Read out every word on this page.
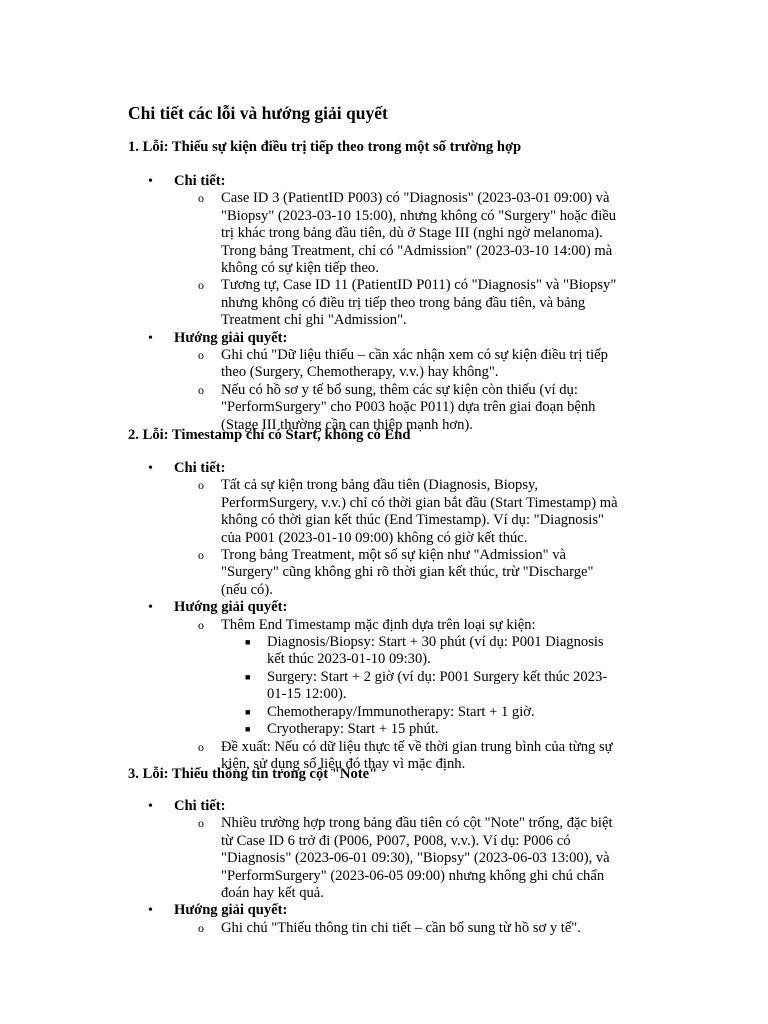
Chi tiết các lỗi và hướng giải quyết
1. Lỗi: Thiếu sự kiện điều trị tiếp theo trong một số trường hợp
• Chi tiết:
o Case ID 3 (PatientID P003) có "Diagnosis" (2023-03-01 09:00) và "Biopsy" (2023-03-10 15:00), nhưng không có "Surgery" hoặc điều trị khác trong bảng đầu tiên, dù ở Stage III (nghi ngờ melanoma). Trong bảng Treatment, chỉ có "Admission" (2023-03-10 14:00) mà không có sự kiện tiếp theo.
o Tương tự, Case ID 11 (PatientID P011) có "Diagnosis" và "Biopsy" nhưng không có điều trị tiếp theo trong bảng đầu tiên, và bảng Treatment chỉ ghi "Admission".
• Hướng giải quyết:
o Ghi chú "Dữ liệu thiếu – cần xác nhận xem có sự kiện điều trị tiếp theo (Surgery, Chemotherapy, v.v.) hay không".
o Nếu có hồ sơ y tế bổ sung, thêm các sự kiện còn thiếu (ví dụ: "PerformSurgery" cho P003 hoặc P011) dựa trên giai đoạn bệnh (Stage III thường cần can thiệp mạnh hơn).
2. Lỗi: Timestamp chỉ có Start, không có End
• Chi tiết:
o Tất cả sự kiện trong bảng đầu tiên (Diagnosis, Biopsy, PerformSurgery, v.v.) chỉ có thời gian bắt đầu (Start Timestamp) mà không có thời gian kết thúc (End Timestamp). Ví dụ: "Diagnosis" của P001 (2023-01-10 09:00) không có giờ kết thúc.
o Trong bảng Treatment, một số sự kiện như "Admission" và "Surgery" cũng không ghi rõ thời gian kết thúc, trừ "Discharge" (nếu có).
• Hướng giải quyết:
o Thêm End Timestamp mặc định dựa trên loại sự kiện:
■ Diagnosis/Biopsy: Start + 30 phút (ví dụ: P001 Diagnosis kết thúc 2023-01-10 09:30).
■ Surgery: Start + 2 giờ (ví dụ: P001 Surgery kết thúc 2023-01-15 12:00).
■ Chemotherapy/Immunotherapy: Start + 1 giờ.
■ Cryotherapy: Start + 15 phút.
o Đề xuất: Nếu có dữ liệu thực tế về thời gian trung bình của từng sự kiện, sử dụng số liệu đó thay vì mặc định.
3. Lỗi: Thiếu thông tin trong cột "Note"
• Chi tiết:
o Nhiều trường hợp trong bảng đầu tiên có cột "Note" trống, đặc biệt từ Case ID 6 trở đi (P006, P007, P008, v.v.). Ví dụ: P006 có "Diagnosis" (2023-06-01 09:30), "Biopsy" (2023-06-03 13:00), và "PerformSurgery" (2023-06-05 09:00) nhưng không ghi chú chẩn đoán hay kết quả.
• Hướng giải quyết:
o Ghi chú "Thiếu thông tin chi tiết – cần bổ sung từ hồ sơ y tế".
